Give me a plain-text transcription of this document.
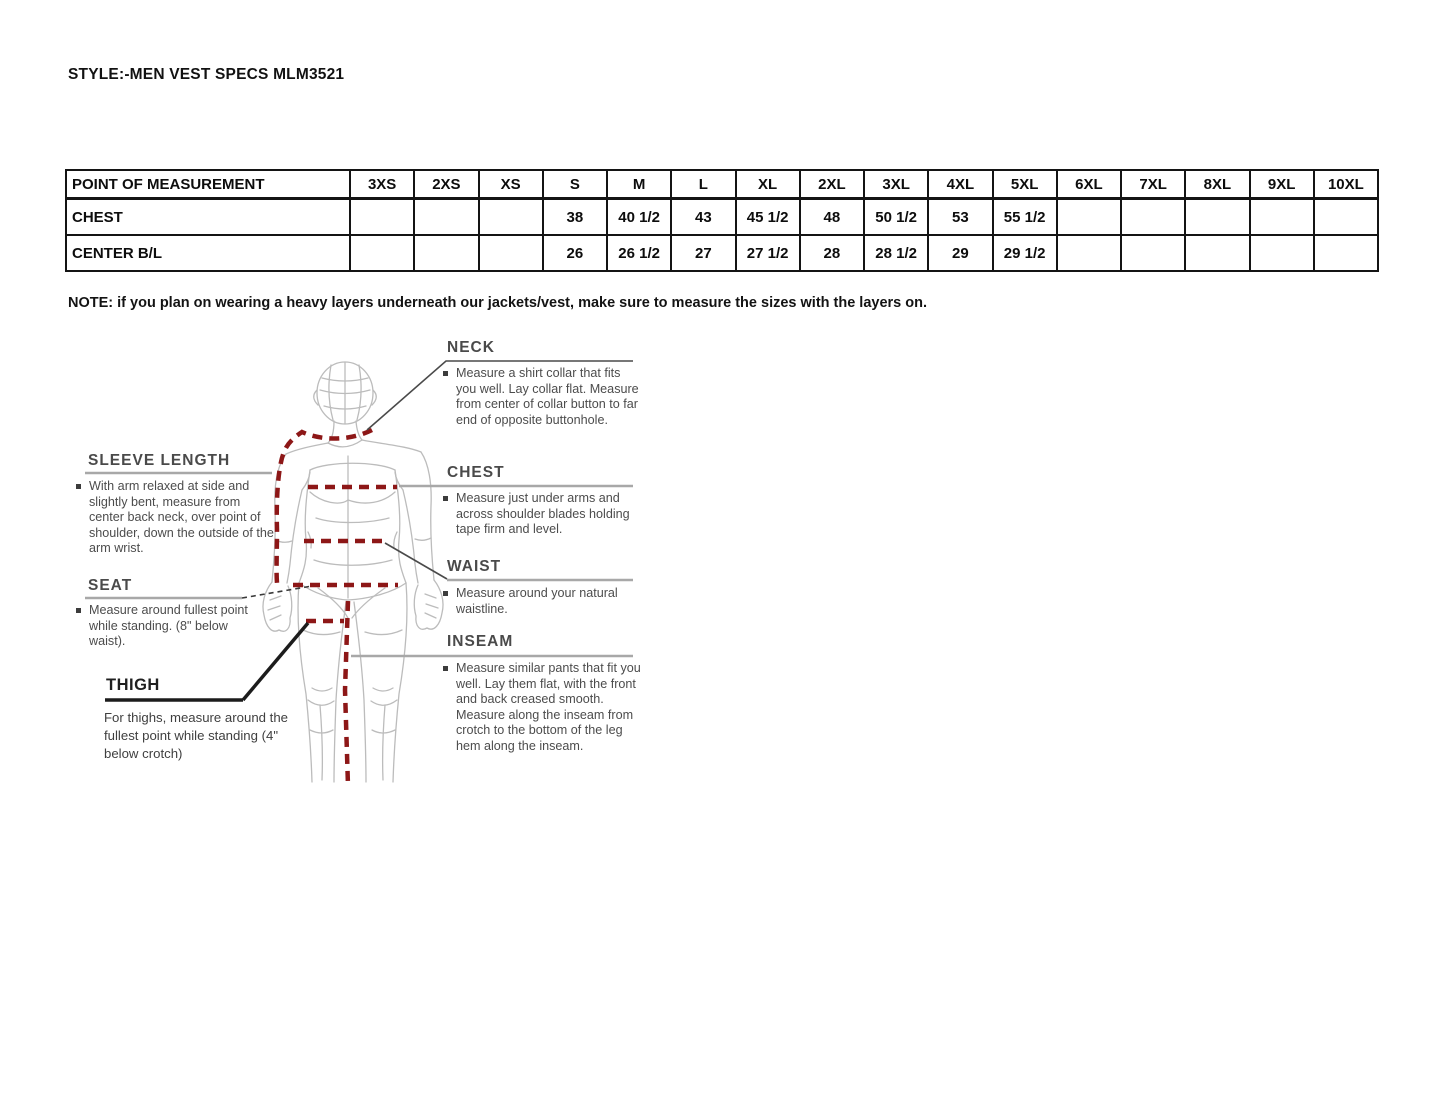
STYLE:-MEN VEST SPECS MLM3521
POINT OF MEASUREMENT	3XS	2XS	XS	S	M	L	XL	2XL	3XL	4XL	5XL	6XL	7XL	8XL	9XL	10XL
CHEST				38	40 1/2	43	45 1/2	48	50 1/2	53	55 1/2					
CENTER B/L				26	26 1/2	27	27 1/2	28	28 1/2	29	29 1/2					
NOTE: if you plan on wearing a heavy layers underneath our jackets/vest, make sure to measure the sizes with the layers on.
NECK
Measure a shirt collar that fits you well. Lay collar flat. Measure from center of collar button to far end of opposite buttonhole.
CHEST
Measure just under arms and across shoulder blades holding tape firm and level.
WAIST
Measure around your natural waistline.
INSEAM
Measure similar pants that fit you well. Lay them flat, with the front and back creased smooth. Measure along the inseam from crotch to the bottom of the leg hem along the inseam.
SLEEVE LENGTH
With arm relaxed at side and slightly bent, measure from center back neck, over point of shoulder, down the outside of the arm wrist.
SEAT
Measure around fullest point while standing. (8" below waist).
THIGH
For thighs, measure around the fullest point while standing (4" below crotch)
